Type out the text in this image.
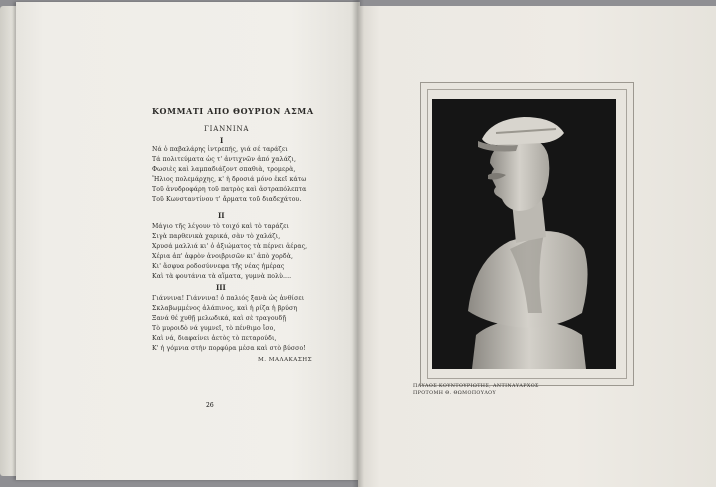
ΚΟΜΜΑΤΙ ΑΠΟ ΘΟΥΡΙΟΝ ΑΣΜΑ
ΓΙΑΝΝΙΝΑ
I
Νά ὁ παβαλάρης ἰντρεπής, γιά σέ ταράζει
Τά πολιτεύματα ὡς τ' ἀντιχνῶν ἀπό χαλάζι,
Φωσιὲς καὶ λαμπαδιάζοντ σπαθιὰ, τρομερὰ,
Ἥλιος πολεμάρχης, κ' ἡ δροσιά μόνο ἐκεῖ κάτω
Τοῦ ἀνυδροφάρη τοῦ πατρὸς καὶ ἀστραπόλεπτα
Τοῦ Κωνσταντίνου τ' ἄρματα τοῦ διαδεχάτου.
II
Μάγιο τῆς λέγουν τὸ τοιχό καὶ τὸ ταράζει
Σιγὰ παρθενικὰ χαρικά, σὰν τὸ χαλάζι,
Χρυσά μαλλιά κι' ὁ ἀξιώματος τὰ πέρνει ἀέρας,
Χέρια ἀπ' ἀφρὸν ἀνοιβρισῶν κι' ἀπὸ χορδὰ,
Κι' ἄσφυα ροδοσύννεφα τῆς νέας ἡμέρας
Καὶ τὰ φουτάνια τὰ αἵματα, γυμνὰ πολὺ....
III
Γιάννινα! Γιάννινα! ὁ παλιός ξανὰ ὡς ἀνθίσει
Σκλαβωμμένος ἀλάπινος, καὶ ἡ ρίζα ἡ βρύση
Ξανά θέ χυθῇ μελωδικά, καὶ σὲ τραγουδῇ
Τὸ μυροιδὸ νά γυμνεῖ, τὸ πένθιμο ἴσο,
Καὶ νά, διαφαίνει ἀετὸς τὸ πεταρούδι,
Κ' ἡ γόμνια στὴν πορφύρα μέσα καὶ στὸ βύσσο!
Μ. ΜΑΛΑΚΑΣΗΣ
26
ΠΑΥΛΟΣ ΚΟΥΝΤΟΥΡΙΩΤΗΣ, ΑΝΤΙΝΑΥΑΡΧΟΣ
ΠΡΟΤΟΜΗ Θ. ΘΩΜΟΠΟΥΛΟΥ
